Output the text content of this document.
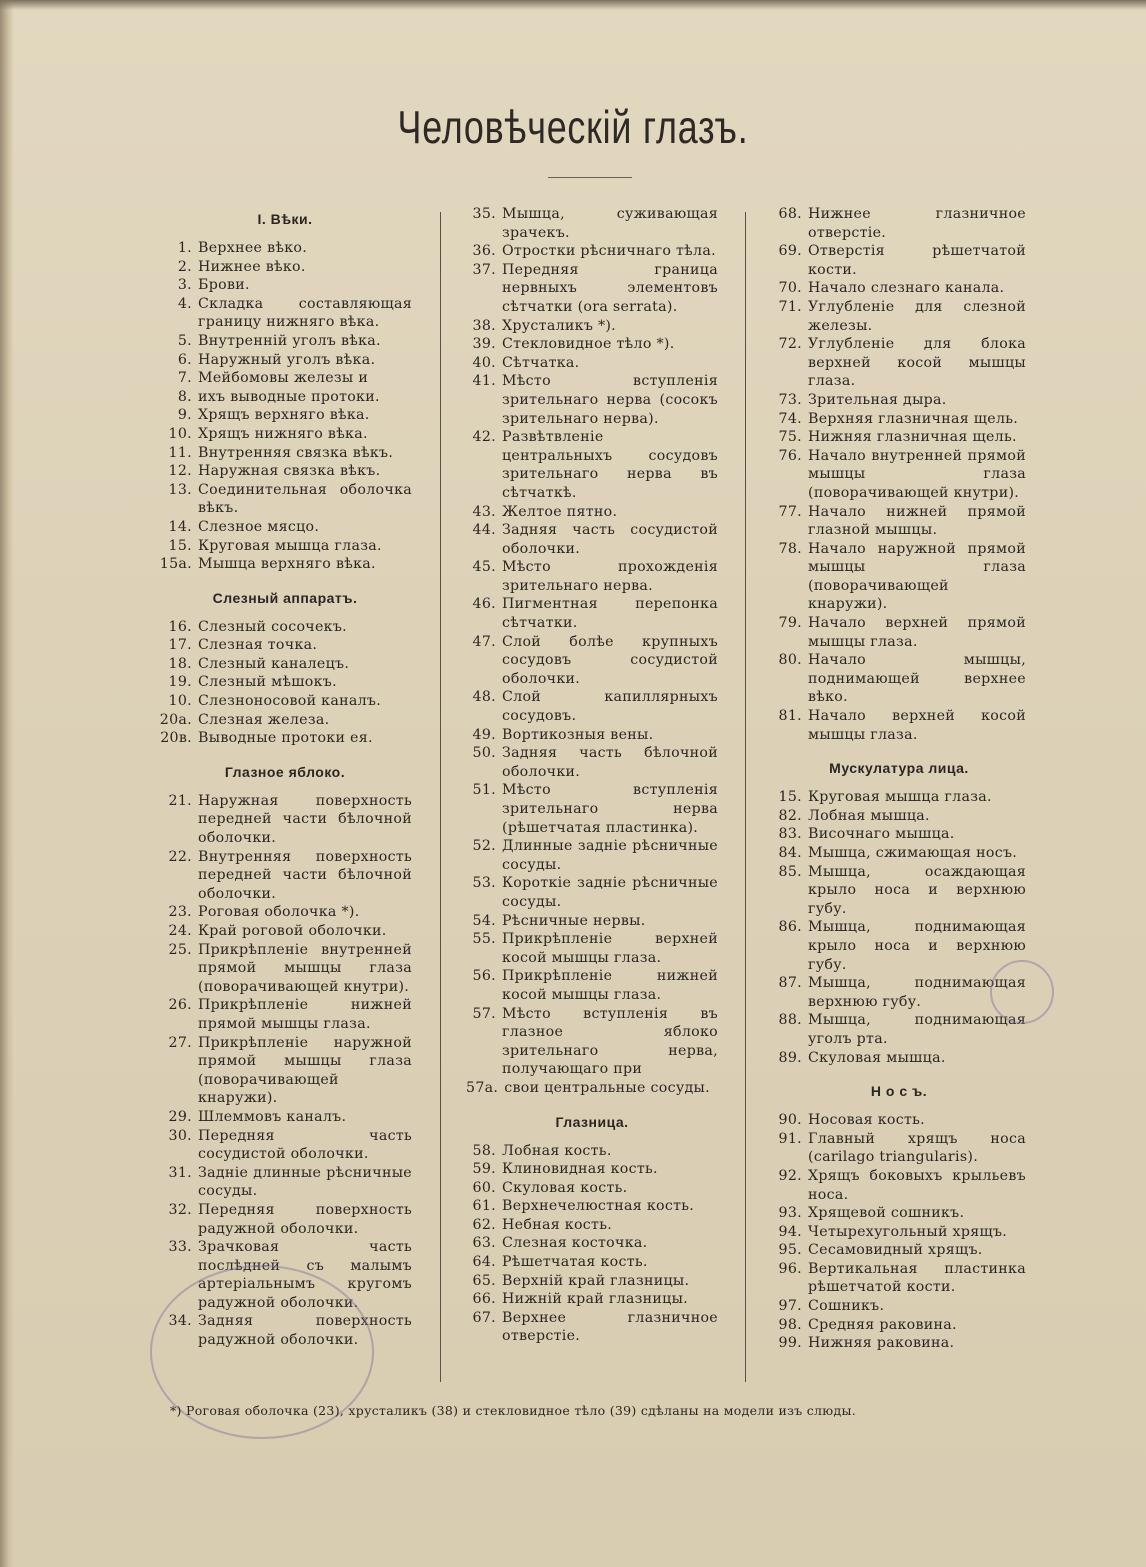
Человѣческій глазъ.
I. Вѣки.
1. Верхнее вѣко.
2. Нижнее вѣко.
3. Брови.
4. Складка составляющая границу нижняго вѣка.
5. Внутренній уголъ вѣка.
6. Наружный уголъ вѣка.
7. Мейбомовы железы и
8. ихъ выводные протоки.
9. Хрящъ верхняго вѣка.
10. Хрящъ нижняго вѣка.
11. Внутренняя связка вѣкъ.
12. Наружная связка вѣкъ.
13. Соединительная оболочка вѣкъ.
14. Слезное мясцо.
15. Круговая мышца глаза.
15а. Мышца верхняго вѣка.
Слезный аппаратъ.
16. Слезный сосочекъ.
17. Слезная точка.
18. Слезный каналецъ.
19. Слезный мѣшокъ.
10. Слезноносовой каналъ.
20а. Слезная железа.
20в. Выводные протоки ея.
Глазное яблоко.
21. Наружная поверхность передней части бѣлочной оболочки.
22. Внутренняя поверхность передней части бѣлочной оболочки.
23. Роговая оболочка *).
24. Край роговой оболочки.
25. Прикрѣпленіе внутренней прямой мышцы глаза (поворачивающей кнутри).
26. Прикрѣпленіе нижней прямой мышцы глаза.
27. Прикрѣпленіе наружной прямой мышцы глаза (поворачивающей кнаружи).
29. Шлеммовъ каналъ.
30. Передняя часть сосудистой оболочки.
31. Задніе длинные рѣсничные сосуды.
32. Передняя поверхность радужной оболочки.
33. Зрачковая часть послѣдней съ малымъ артеріальнымъ кругомъ радужной оболочки.
34. Задняя поверхность радужной оболочки.
35. Мышца, суживающая зрачекъ.
36. Отростки рѣсничнаго тѣла.
37. Передняя граница нервныхъ элементовъ сѣтчатки (ora serrata).
38. Хрусталикъ *).
39. Стекловидное тѣло *).
40. Сѣтчатка.
41. Мѣсто вступленія зрительнаго нерва (сосокъ зрительнаго нерва).
42. Развѣтвленіе центральныхъ сосудовъ зрительнаго нерва въ сѣтчаткѣ.
43. Желтое пятно.
44. Задняя часть сосудистой оболочки.
45. Мѣсто прохожденія зрительнаго нерва.
46. Пигментная перепонка сѣтчатки.
47. Слой болѣе крупныхъ сосудовъ сосудистой оболочки.
48. Слой капиллярныхъ сосудовъ.
49. Вортикозныя вены.
50. Задняя часть бѣлочной оболочки.
51. Мѣсто вступленія зрительнаго нерва (рѣшетчатая пластинка).
52. Длинные задніе рѣсничные сосуды.
53. Короткіе задніе рѣсничные сосуды.
54. Рѣсничные нервы.
55. Прикрѣпленіе верхней косой мышцы глаза.
56. Прикрѣпленіе нижней косой мышцы глаза.
57. Мѣсто вступленія въ глазное яблоко зрительнаго нерва, получающаго при
57а. свои центральные сосуды.
Глазница.
58. Лобная кость.
59. Клиновидная кость.
60. Скуловая кость.
61. Верхнечелюстная кость.
62. Небная кость.
63. Слезная косточка.
64. Рѣшетчатая кость.
65. Верхній край глазницы.
66. Нижній край глазницы.
67. Верхнее глазничное отверстіе.
68. Нижнее глазничное отверстіе.
69. Отверстія рѣшетчатой кости.
70. Начало слезнаго канала.
71. Углубленіе для слезной железы.
72. Углубленіе для блока верхней косой мышцы глаза.
73. Зрительная дыра.
74. Верхняя глазничная щель.
75. Нижняя глазничная щель.
76. Начало внутренней прямой мышцы глаза (поворачивающей кнутри).
77. Начало нижней прямой глазной мышцы.
78. Начало наружной прямой мышцы глаза (поворачивающей кнаружи).
79. Начало верхней прямой мышцы глаза.
80. Начало мышцы, поднимающей верхнее вѣко.
81. Начало верхней косой мышцы глаза.
Мускулатура лица.
15. Круговая мышца глаза.
82. Лобная мышца.
83. Височнаго мышца.
84. Мышца, сжимающая носъ.
85. Мышца, осаждающая крыло носа и верхнюю губу.
86. Мышца, поднимающая крыло носа и верхнюю губу.
87. Мышца, поднимающая верхнюю губу.
88. Мышца, поднимающая уголъ рта.
89. Скуловая мышца.
Н о с ъ.
90. Носовая кость.
91. Главный хрящъ носа (carilago triangularis).
92. Хрящъ боковыхъ крыльевъ носа.
93. Хрящевой сошникъ.
94. Четырехугольный хрящъ.
95. Сесамовидный хрящъ.
96. Вертикальная пластинка рѣшетчатой кости.
97. Сошникъ.
98. Средняя раковина.
99. Нижняя раковина.
*) Роговая оболочка (23), хрусталикъ (38) и стекловидное тѣло (39) сдѣланы на модели изъ слюды.
